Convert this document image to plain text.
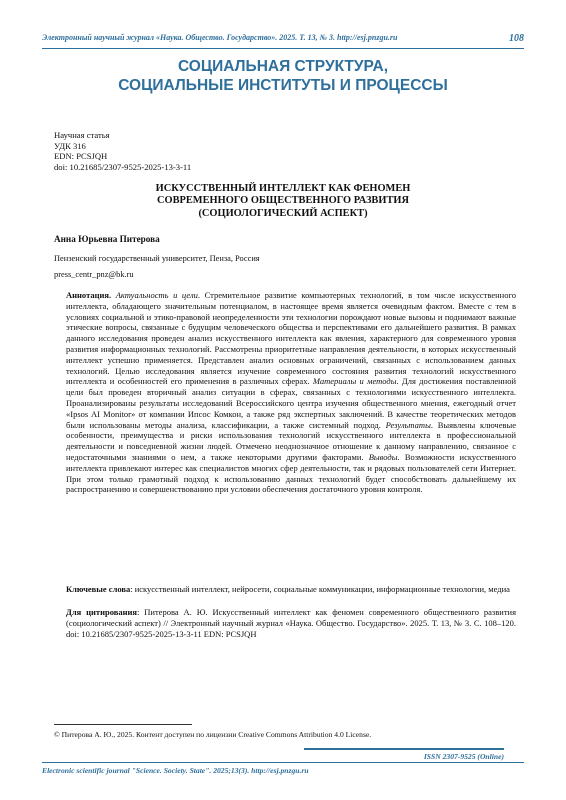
Электронный научный журнал «Наука. Общество. Государство». 2025. Т. 13, № 3. http://esj.pnzgu.ru	108
СОЦИАЛЬНАЯ СТРУКТУРА,
СОЦИАЛЬНЫЕ ИНСТИТУТЫ И ПРОЦЕССЫ
Научная статья
УДК 316
EDN: PCSJQH
doi: 10.21685/2307-9525-2025-13-3-11
ИСКУССТВЕННЫЙ ИНТЕЛЛЕКТ КАК ФЕНОМЕН
СОВРЕМЕННОГО ОБЩЕСТВЕННОГО РАЗВИТИЯ
(СОЦИОЛОГИЧЕСКИЙ АСПЕКТ)
Анна Юрьевна Питерова
Пензенский государственный университет, Пенза, Россия
press_centr_pnz@bk.ru
Аннотация. Актуальность и цели. Стремительное развитие компьютерных технологий, в том числе искусственного интеллекта, обладающего значительным потенциалом, в настоящее время является очевидным фактом. Вместе с тем в условиях социальной и этико-правовой неопределенности эти технологии порождают новые вызовы и поднимают важные этические вопросы, связанные с будущим человеческого общества и перспективами его дальнейшего развития. В рамках данного исследования проведен анализ искусственного интеллекта как явления, характерного для современного уровня развития информационных технологий. Рассмотрены приоритетные направления деятельности, в которых искусственный интеллект успешно применяется. Представлен анализ основных ограничений, связанных с использованием данных технологий. Целью исследования является изучение современного состояния развития технологий искусственного интеллекта и особенностей его применения в различных сферах. Материалы и методы. Для достижения поставленной цели был проведен вторичный анализ ситуации в сферах, связанных с технологиями искусственного интеллекта. Проанализированы результаты исследований Всероссийского центра изучения общественного мнения, ежегодный отчет «Ipsos AI Monitor» от компании Ипсос Комкон, а также ряд экспертных заключений. В качестве теоретических методов были использованы методы анализа, классификации, а также системный подход. Результаты. Выявлены ключевые особенности, преимущества и риски использования технологий искусственного интеллекта в профессиональной деятельности и повседневной жизни людей. Отмечено неоднозначное отношение к данному направлению, связанное с недостаточными знаниями о нем, а также некоторыми другими факторами. Выводы. Возможности искусственного интеллекта привлекают интерес как специалистов многих сфер деятельности, так и рядовых пользователей сети Интернет. При этом только грамотный подход к использованию данных технологий будет способствовать дальнейшему их распространению и совершенствованию при условии обеспечения достаточного уровня контроля.
Ключевые слова: искусственный интеллект, нейросети, социальные коммуникации, информационные технологии, медиа
Для цитирования: Питерова А. Ю. Искусственный интеллект как феномен современного общественного развития (социологический аспект) // Электронный научный журнал «Наука. Общество. Государство». 2025. Т. 13, № 3. С. 108–120. doi: 10.21685/2307-9525-2025-13-3-11 EDN: PCSJQH
© Питерова А. Ю., 2025. Контент доступен по лицензии Creative Commons Attribution 4.0 License.
ISSN 2307-9525 (Online)
Electronic scientific journal "Science. Society. State". 2025;13(3). http://esj.pnzgu.ru
